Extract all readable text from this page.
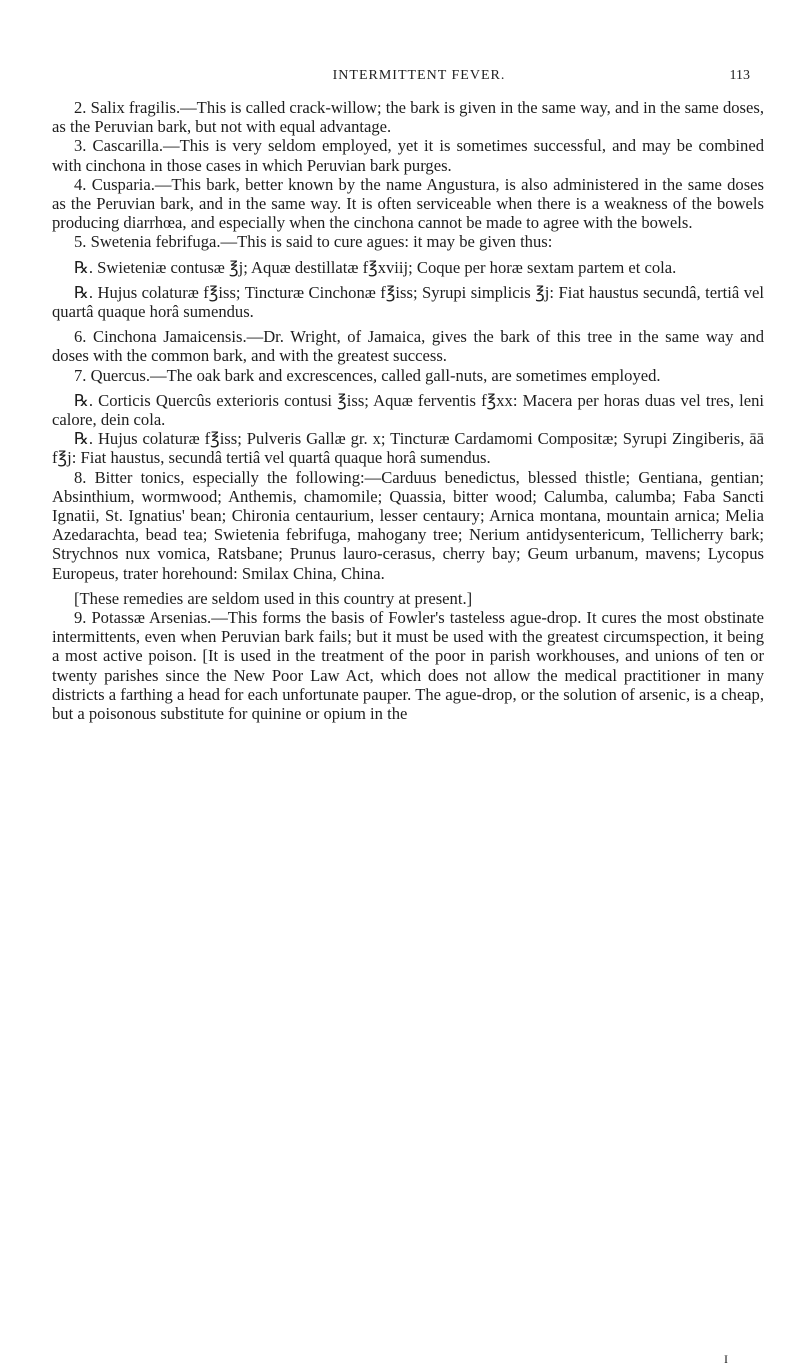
INTERMITTENT FEVER.	113

2. Salix fragilis.—This is called crack-willow; the bark is given in the same way, and in the same doses, as the Peruvian bark, but not with equal advantage.

3. Cascarilla.—This is very seldom employed, yet it is sometimes successful, and may be combined with cinchona in those cases in which Peruvian bark purges.

4. Cusparia.—This bark, better known by the name Angustura, is also administered in the same doses as the Peruvian bark, and in the same way. It is often serviceable when there is a weakness of the bowels producing diarrhœa, and especially when the cinchona cannot be made to agree with the bowels.

5. Swetenia febrifuga.—This is said to cure agues: it may be given thus:

℞. Swieteniæ contusæ ℥j; Aquæ destillatæ f℥xviij; Coque per horæ sextam partem et cola.

℞. Hujus colaturæ f℥iss; Tincturæ Cinchonæ f℥iss; Syrupi simplicis ℥j: Fiat haustus secundâ, tertiâ vel quartâ quaque horâ sumendus.

6. Cinchona Jamaicensis.—Dr. Wright, of Jamaica, gives the bark of this tree in the same way and doses with the common bark, and with the greatest success.

7. Quercus.—The oak bark and excrescences, called gall-nuts, are sometimes employed.

℞. Corticis Quercûs exterioris contusi ℥iss; Aquæ ferventis f℥xx: Macera per horas duas vel tres, leni calore, dein cola.

℞. Hujus colaturæ f℥iss; Pulveris Gallæ gr. x; Tincturæ Cardamomi Compositæ; Syrupi Zingiberis, āā f℥j: Fiat haustus, secundâ tertiâ vel quartâ quaque horâ sumendus.

8. Bitter tonics, especially the following:—Carduus benedictus, blessed thistle; Gentiana, gentian; Absinthium, wormwood; Anthemis, chamomile; Quassia, bitter wood; Calumba, calumba; Faba Sancti Ignatii, St. Ignatius' bean; Chironia centaurium, lesser centaury; Arnica montana, mountain arnica; Melia Azedarachta, bead tea; Swietenia febrifuga, mahogany tree; Nerium antidysentericum, Tellicherry bark; Strychnos nux vomica, Ratsbane; Prunus lauro-cerasus, cherry bay; Geum urbanum, mavens; Lycopus Europeus, trater horehound: Smilax China, China.

[These remedies are seldom used in this country at present.]

9. Potassæ Arsenias.—This forms the basis of Fowler's tasteless ague-drop. It cures the most obstinate intermittents, even when Peruvian bark fails; but it must be used with the greatest circumspection, it being a most active poison. [It is used in the treatment of the poor in parish workhouses, and unions of ten or twenty parishes since the New Poor Law Act, which does not allow the medical practitioner in many districts a farthing a head for each unfortunate pauper. The ague-drop, or the solution of arsenic, is a cheap, but a poisonous substitute for quinine or opium in the

I
